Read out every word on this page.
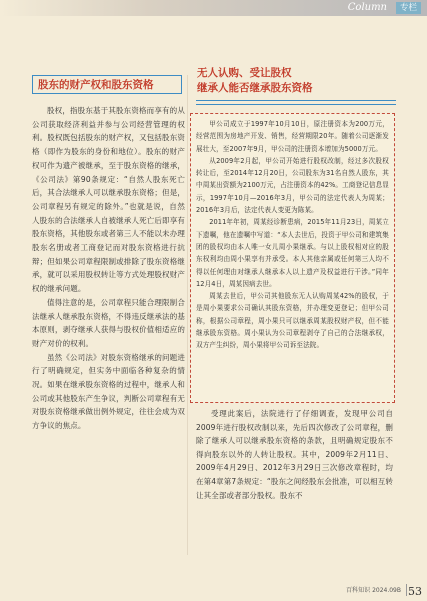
Column	专栏
股东的财产权和股东资格

股权，指股东基于其股东资格而享有的从公司获取经济利益并参与公司经营管理的权利。股权既包括股东的财产权，又包括股东资格（即作为股东的身份和地位）。股东的财产权可作为遗产被继承，至于股东资格的继承，《公司法》第90条规定：“自然人股东死亡后，其合法继承人可以继承股东资格；但是，公司章程另有规定的除外。”也就是说，自然人股东的合法继承人自被继承人死亡后即享有股东资格，其他股东或者第三人不能以未办理股东名册或者工商登记而对股东资格进行抗辩；但如果公司章程限制或排除了股东资格继承，就可以采用股权转让等方式处理股权财产权的继承问题。

值得注意的是，公司章程只能合理限制合法继承人继承股东资格，不得违反继承法的基本原则，剥夺继承人获得与股权价值相适应的财产对价的权利。

虽然《公司法》对股东资格继承的问题进行了明确规定，但实务中面临各种复杂的情况。如果在继承股东资格的过程中，继承人和公司或其他股东产生争议，判断公司章程有无对股东资格继承做出例外规定，往往会成为双方争议的焦点。

无人认购、受让股权
继承人能否继承股东资格

甲公司成立于1997年10月10日，原注册资本为200万元，经营范围为房地产开发、销售，经营期限20年。随着公司逐渐发展壮大，至2007年9月，甲公司的注册资本增加为5000万元。

从2009年2月起，甲公司开始进行股权改制，经过多次股权转让后，至2014年12月20日，公司股东为31名自然人股东，其中周某出资额为2100万元，占注册资本的42%。工商登记信息显示，1997年10月—2016年3月，甲公司的法定代表人为周某；2016年3月后，法定代表人变更为陈某。

2011年年初，周某经诊断患病，2015年11月23日，周某立下遗嘱，他在遗嘱中写道：“本人去世后，投资于甲公司和建筑集团的股权均由本人唯一女儿周小果继承。与以上股权相对应的股东权利均由周小果享有并承受。本人其他亲属或任何第三人均不得以任何理由对继承人继承本人以上遗产及权益进行干涉。”同年12月4日，周某因病去世。

周某去世后，甲公司其他股东无人认购周某42%的股权，于是周小果要求公司确认其股东资格，并办理变更登记；但甲公司称，根据公司章程，周小果只可以继承周某股权财产权，但不能继承股东资格。周小果认为公司章程剥夺了自己的合法继承权，双方产生纠纷，周小果将甲公司诉至法院。

受理此案后，法院进行了仔细调查，发现甲公司自2009年进行股权改制以来，先后四次修改了公司章程，删除了继承人可以继承股东资格的条款，且明确规定股东不得向股东以外的人转让股权。其中，2009年2月11日、2009年4月29日、2012年3月29日三次修改章程时，均在第4章第7条规定：“股东之间经股东会批准，可以相互转让其全部或者部分股权。股东不

百科知识 2024.09B 53
